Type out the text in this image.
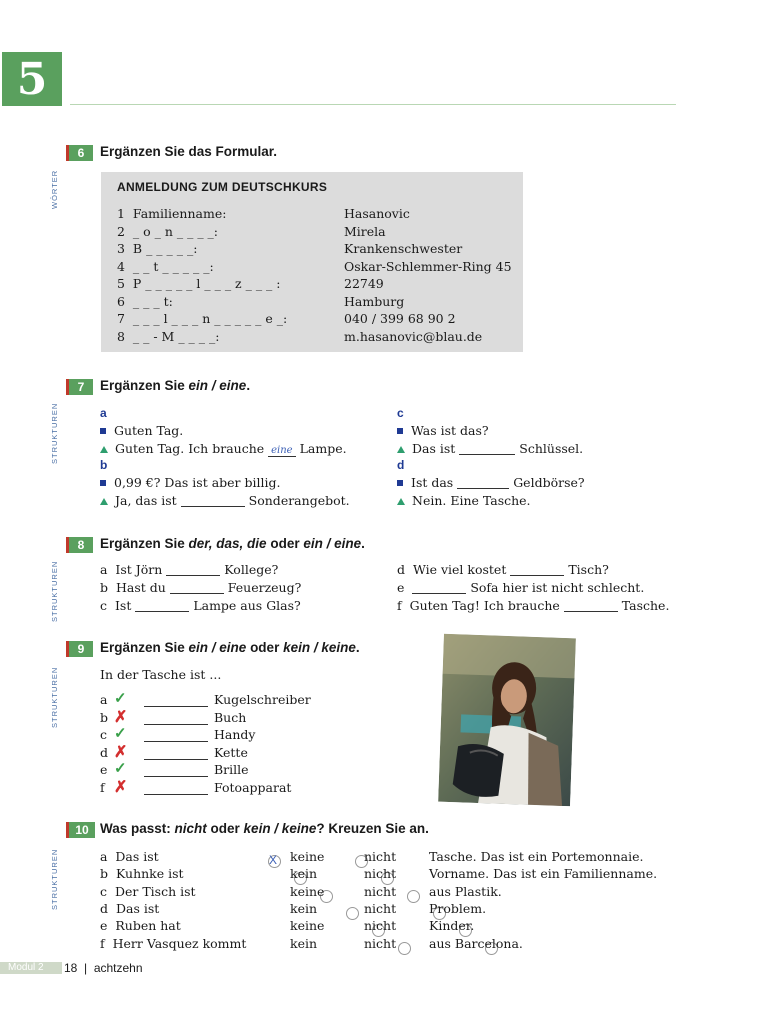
5
6	Ergänzen Sie das Formular.
WÖRTER	ANMELDUNG ZUM DEUTSCHKURS
1 Familienname:	Hasanovic
2 _ o _ n _ _ _ _:	Mirela
3 B _ _ _ _ _:	Krankenschwester
4 _ _ t _ _ _ _ _:	Oskar-Schlemmer-Ring 45
5 P _ _ _ _ _ l _ _ _ z _ _ _ :	22749
6 _ _ _ t:	Hamburg
7 _ _ _ l _ _ _ n _ _ _ _ _ e _:	040 / 399 68 90 2
8 _ _ - M _ _ _ _:	m.hasanovic@blau.de
7	Ergänzen Sie ein / eine.
STRUKTUREN	a
Guten Tag.
Guten Tag. Ich brauche eine Lampe.
b
0,99 €? Das ist aber billig.
Ja, das ist	Sonderangebot.
c
Was ist das?
Das ist	Schlüssel.
d
Ist das	Geldbörse?
Nein. Eine Tasche.
8	Ergänzen Sie der, das, die oder ein / eine.
STRUKTUREN	a Ist Jörn	Kollege?
b Hast du	Feuerzeug?
c Ist	Lampe aus Glas?
d Wie viel kostet	Tisch?
e	Sofa hier ist nicht schlecht.
f Guten Tag! Ich brauche	Tasche.
9	Ergänzen Sie ein / eine oder kein / keine.
STRUKTUREN	In der Tasche ist ...
a ✓	Kugelschreiber
b ✗	Buch
c ✓	Handy
d ✗	Kette
e ✓	Brille
f ✗	Fotoapparat
10 Was passt: nicht oder kein / keine? Kreuzen Sie an.
STRUKTUREN	a Das ist
X	keine	nicht	Tasche. Das ist ein Portemonnaie.
b Kuhnke ist	kein	nicht	Vorname. Das ist ein Familienname.
c Der Tisch ist	keine	nicht	aus Plastik.
d Das ist	kein	nicht	Problem.
e Ruben hat	keine	nicht	Kinder.
f Herr Vasquez kommt	kein	nicht	aus Barcelona.
Modul 2	18 | achtzehn
